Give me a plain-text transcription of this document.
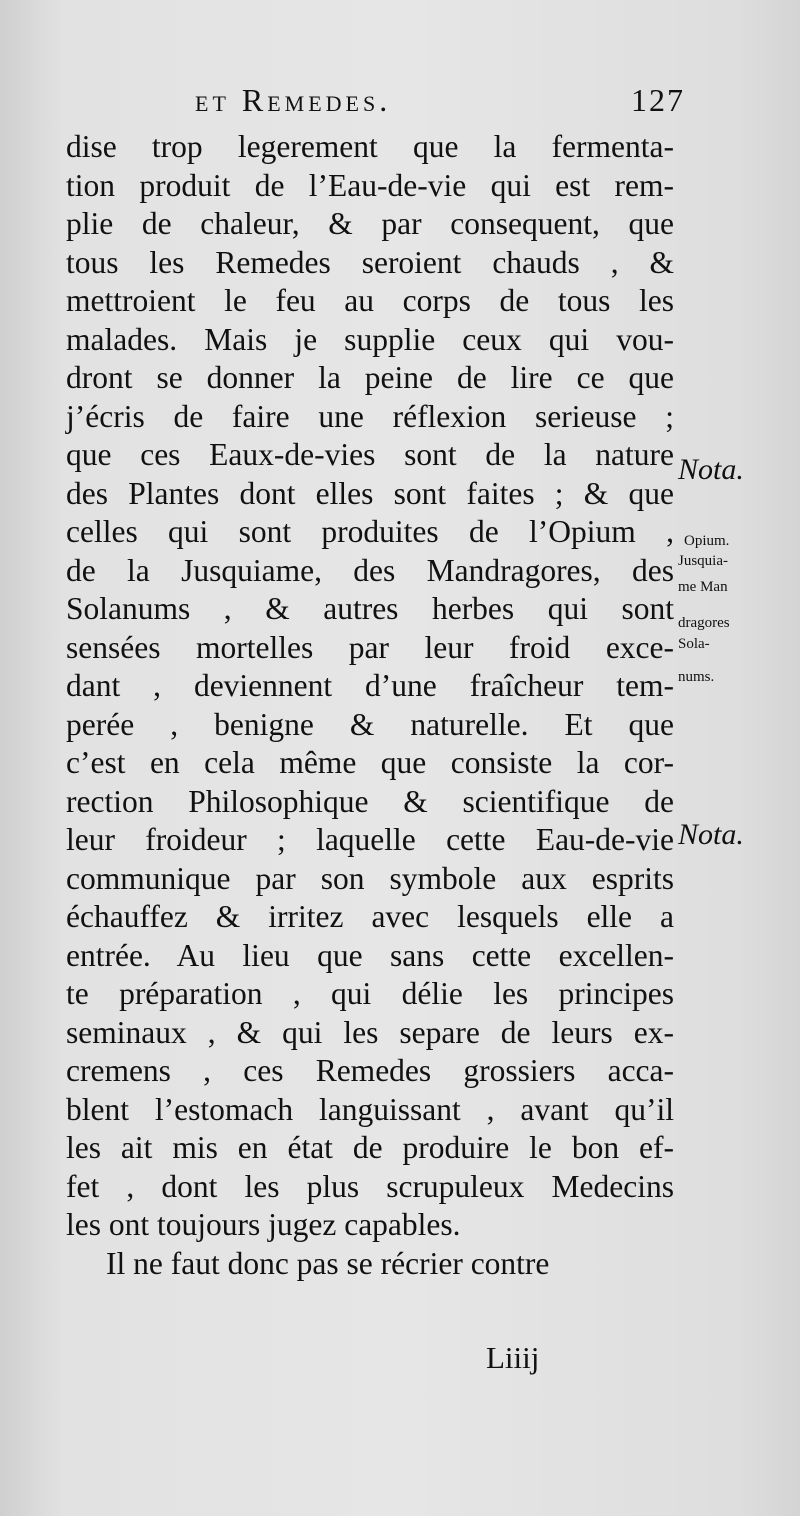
et Remedes.	127
dise trop legerement que la fermenta-
tion produit de l’Eau-de-vie qui est rem-
plie de chaleur, & par consequent, que
tous les Remedes seroient chauds , &
mettroient le feu au corps de tous les
malades. Mais je supplie ceux qui vou-
dront se donner la peine de lire ce que
j’écris de faire une réflexion serieuse ;
que ces Eaux-de-vies sont de la nature
des Plantes dont elles sont faites ; & que
celles qui sont produites de l’Opium ,
de la Jusquiame, des Mandragores, des
Solanums , & autres herbes qui sont
sensées mortelles par leur froid exce-
dant , deviennent d’une fraîcheur tem-
perée , benigne & naturelle. Et que
c’est en cela même que consiste la cor-
rection Philosophique & scientifique de
leur froideur ; laquelle cette Eau-de-vie
communique par son symbole aux esprits
échauffez & irritez avec lesquels elle a
entrée. Au lieu que sans cette excellen-
te préparation , qui délie les principes
seminaux , & qui les separe de leurs ex-
cremens , ces Remedes grossiers acca-
blent l’estomach languissant , avant qu’il
les ait mis en état de produire le bon ef-
fet , dont les plus scrupuleux Medecins
les ont toujours jugez capables.
Il ne faut donc pas se récrier contre
Nota.
Opium.
Jusquia-
me Man
dragores
Sola-
nums.
Nota.
Liiij
